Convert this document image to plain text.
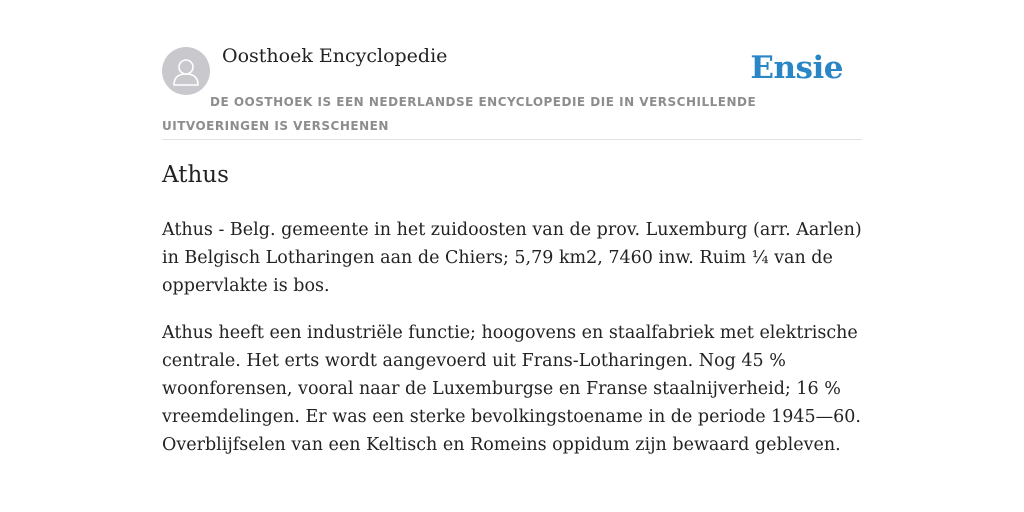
Oosthoek Encyclopedie	Ensie
DE OOSTHOEK IS EEN NEDERLANDSE ENCYCLOPEDIE DIE IN VERSCHILLENDE UITVOERINGEN IS VERSCHENEN
Athus

Athus - Belg. gemeente in het zuidoosten van de prov. Luxemburg (arr. Aarlen) in Belgisch Lotharingen aan de Chiers; 5,79 km2, 7460 inw. Ruim ¼ van de oppervlakte is bos.

Athus heeft een industriële functie; hoogovens en staalfabriek met elektrische centrale. Het erts wordt aangevoerd uit Frans-Lotharingen. Nog 45 % woonforensen, vooral naar de Luxemburgse en Franse staalnijverheid; 16 % vreemdelingen. Er was een sterke bevolkingstoename in de periode 1945—60. Overblijfselen van een Keltisch en Romeins oppidum zijn bewaard gebleven.
